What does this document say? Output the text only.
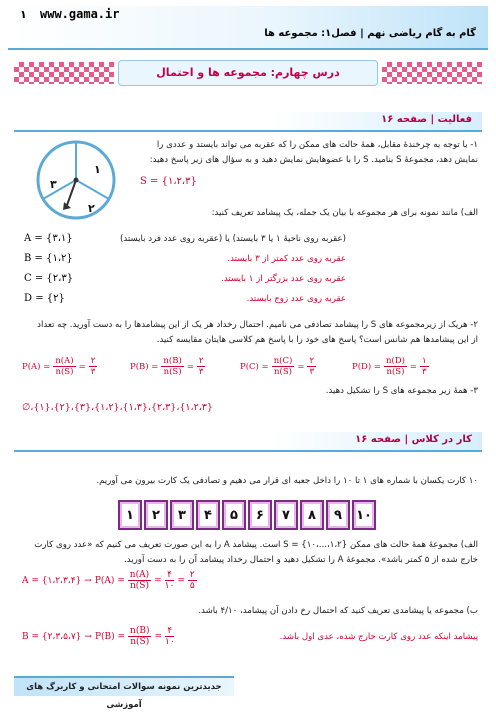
۱ www.gama.ir
گام به گام ریاضی نهم | فصل۱: مجموعه ها
درس چهارم: مجموعه ها و احتمال
فعالیت | صفحه ۱۶
۱- با توجه به چرخندهٔ مقابل، همهٔ حالت های ممکن را که عقربه می تواند بایستد و عددی را
نمایش دهد، مجموعهٔ S بنامید. S را با عضوهایش نمایش دهید و به سؤال های زیر پاسخ دهید:
S = {۱،۲،۳}
۱
۲
۳
الف) مانند نمونه برای هر مجموعه با بیان یک جمله، یک پیشامد تعریف کنید:
(عقربه روی ناحیهٔ ۱ یا ۳ بایستد) یا (عقربه روی عدد فرد بایستد)
A = {۳،۱}
عقربه روی عدد کمتر از ۳ بایستد.
B = {۱،۲}
عقربه روی عدد بزرگتر از ۱ بایستد.
C = {۲،۳}
عقربه روی عدد زوج بایستد.
D = {۲}
۲- هریک از زیرمجموعه های S را پیشامد تصادفی می نامیم. احتمال رخداد هر یک از این پیشامدها را به دست آورید. چه تعداد
از این پیشامدها هم شانس است؟ پاسخ های خود را با پاسخ هم کلاسی هایتان مقایسه کنید.
$P(A) = \frac{n(A)}{n(S)} = \frac{۲}{۳}$	$P(B) = \frac{n(B)}{n(S)} = \frac{۲}{۳}$	$P(C) = \frac{n(C)}{n(S)} = \frac{۲}{۳}$	$P(D) = \frac{n(D)}{n(S)} = \frac{۱}{۳}$
۳- همهٔ زیر مجموعه های S را تشکیل دهید.
∅،{۱}،{۲}،{۳}،{۱،۲}،{۱،۳}،{۲،۳}،{۱،۲،۳}
کار در کلاس | صفحه ۱۶
۱۰ کارت یکسان با شماره های ۱ تا ۱۰ را داخل جعبه ای قرار می دهیم و تصادفی یک کارت بیرون می آوریم.
۱	۲	۳	۴	۵	۶	۷	۸	۹	۱۰
الف) مجموعهٔ همهٔ حالت های ممکن {۱،۲،...،۱۰} = S است. پیشامد A را به این صورت تعریف می کنیم که «عدد روی کارت
خارج شده از ۵ کمتر باشد». مجموعهٔ A را تشکیل دهید و احتمال رخداد پیشامد آن را به دست آورید.
A = {۱،۲،۳،۴} → $P(A) = \frac{n(A)}{n(S)} = \frac{۴}{۱۰} = \frac{۲}{۵}$
ب) مجموعه یا پیشامدی تعریف کنید که احتمال رخ دادن آن پیشامد، ۴/۱۰ باشد.
B = {۲،۳،۵،۷} → $P(B) = \frac{n(B)}{n(S)} = \frac{۴}{۱۰}$	پیشامد اینکه عدد روی کارت خارج شده، عدی اول باشد.
جدیدترین نمونه سوالات امتحانی و کاربرگ های آموزشی
